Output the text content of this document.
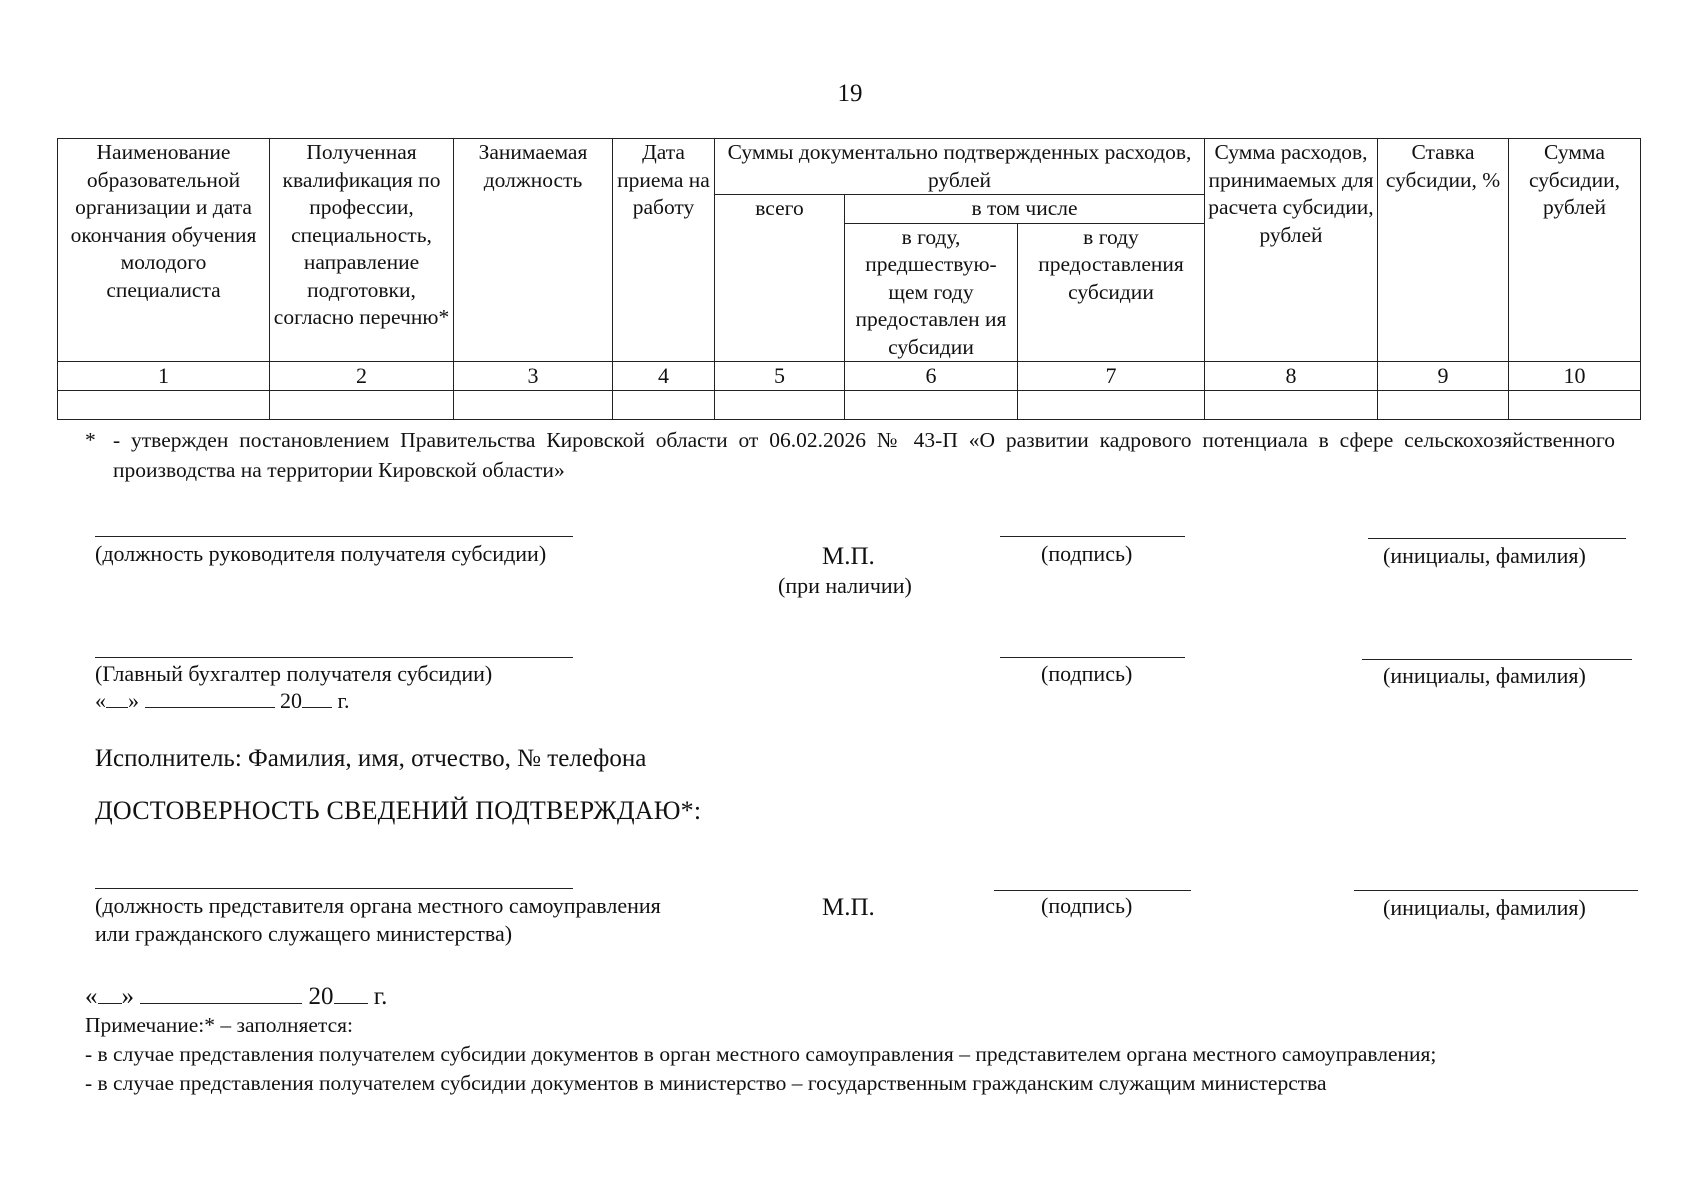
19
Наименование образовательной организации и дата окончания обучения молодого специалиста	Полученная квалификация по профессии, специальность, направление подготовки, согласно перечню*	Занимаемая должность	Дата приема на работу	Суммы документально подтвержденных расходов, рублей			Сумма расходов, принимаемых для расчета субсидии, рублей	Ставка субсидии, %	Сумма субсидии, рублей
				всего	в том числе				
					в году, предшествую-щем году предоставлен ия субсидии	в году предоставления субсидии			
1	2	3	4	5	6	7	8	9	10

* - утвержден постановлением Правительства Кировской области от 06.02.2026 № 43-П «О развитии кадрового потенциала в сфере сельскохозяйственного производства на территории Кировской области»
(должность руководителя получателя субсидии)	М.П.
(при наличии)
(подпись)	(инициалы, фамилия)
(Главный бухгалтер получателя субсидии)
« »	20 г.
(подпись)	(инициалы, фамилия)
Исполнитель: Фамилия, имя, отчество, № телефона
ДОСТОВЕРНОСТЬ СВЕДЕНИЙ ПОДТВЕРЖДАЮ*:
(должность представителя органа местного самоуправления
или гражданского служащего министерства)
М.П.	(подпись)	(инициалы, фамилия)
« »	20 г.
Примечание:* – заполняется:
- в случае представления получателем субсидии документов в орган местного самоуправления – представителем органа местного самоуправления;
- в случае представления получателем субсидии документов в министерство – государственным гражданским служащим министерства
